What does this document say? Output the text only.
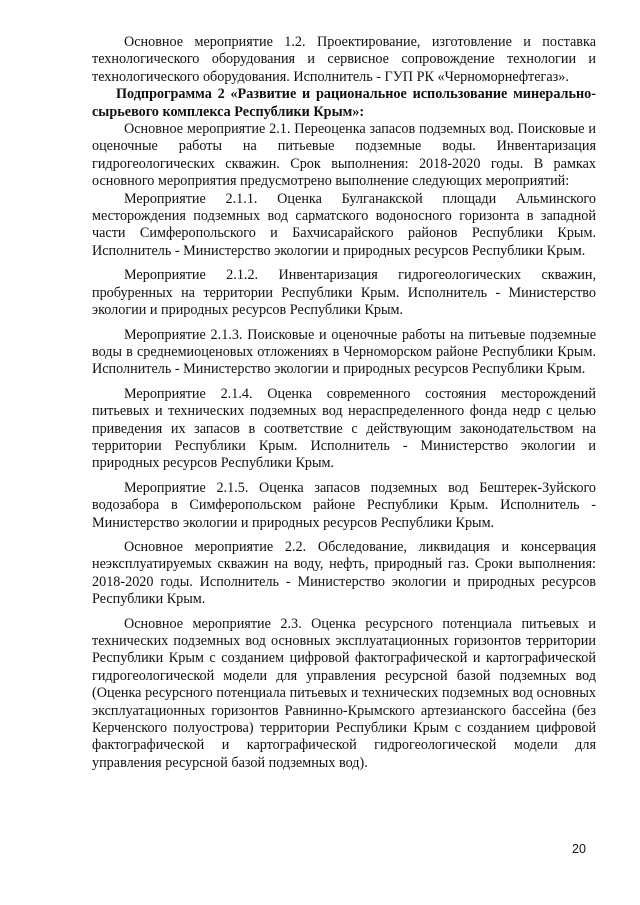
Основное мероприятие 1.2. Проектирование, изготовление и поставка технологического оборудования и сервисное сопровождение технологии и технологического оборудования. Исполнитель - ГУП РК «Черноморнефтегаз».

Подпрограмма 2 «Развитие и рациональное использование минерально-сырьевого комплекса Республики Крым»:

Основное мероприятие 2.1. Переоценка запасов подземных вод. Поисковые и оценочные работы на питьевые подземные воды. Инвентаризация гидрогеологических скважин. Срок выполнения: 2018-2020 годы. В рамках основного мероприятия предусмотрено выполнение следующих мероприятий:

Мероприятие 2.1.1. Оценка Булганакской площади Альминского месторождения подземных вод сарматского водоносного горизонта в западной части Симферопольского и Бахчисарайского районов Республики Крым. Исполнитель - Министерство экологии и природных ресурсов Республики Крым.

Мероприятие 2.1.2. Инвентаризация гидрогеологических скважин, пробуренных на территории Республики Крым. Исполнитель - Министерство экологии и природных ресурсов Республики Крым.

Мероприятие 2.1.3. Поисковые и оценочные работы на питьевые подземные воды в среднемиоценовых отложениях в Черноморском районе Республики Крым. Исполнитель - Министерство экологии и природных ресурсов Республики Крым.

Мероприятие 2.1.4. Оценка современного состояния месторождений питьевых и технических подземных вод нераспределенного фонда недр с целью приведения их запасов в соответствие с действующим законодательством на территории Республики Крым. Исполнитель - Министерство экологии и природных ресурсов Республики Крым.

Мероприятие 2.1.5. Оценка запасов подземных вод Бештерек-Зуйского водозабора в Симферопольском районе Республики Крым. Исполнитель - Министерство экологии и природных ресурсов Республики Крым.

Основное мероприятие 2.2. Обследование, ликвидация и консервация неэксплуатируемых скважин на воду, нефть, природный газ. Сроки выполнения: 2018-2020 годы. Исполнитель - Министерство экологии и природных ресурсов Республики Крым.

Основное мероприятие 2.3. Оценка ресурсного потенциала питьевых и технических подземных вод основных эксплуатационных горизонтов территории Республики Крым с созданием цифровой фактографической и картографической гидрогеологической модели для управления ресурсной базой подземных вод (Оценка ресурсного потенциала питьевых и технических подземных вод основных эксплуатационных горизонтов Равнинно-Крымского артезианского бассейна (без Керченского полуострова) территории Республики Крым с созданием цифровой фактографической и картографической гидрогеологической модели для управления ресурсной базой подземных вод).

20
